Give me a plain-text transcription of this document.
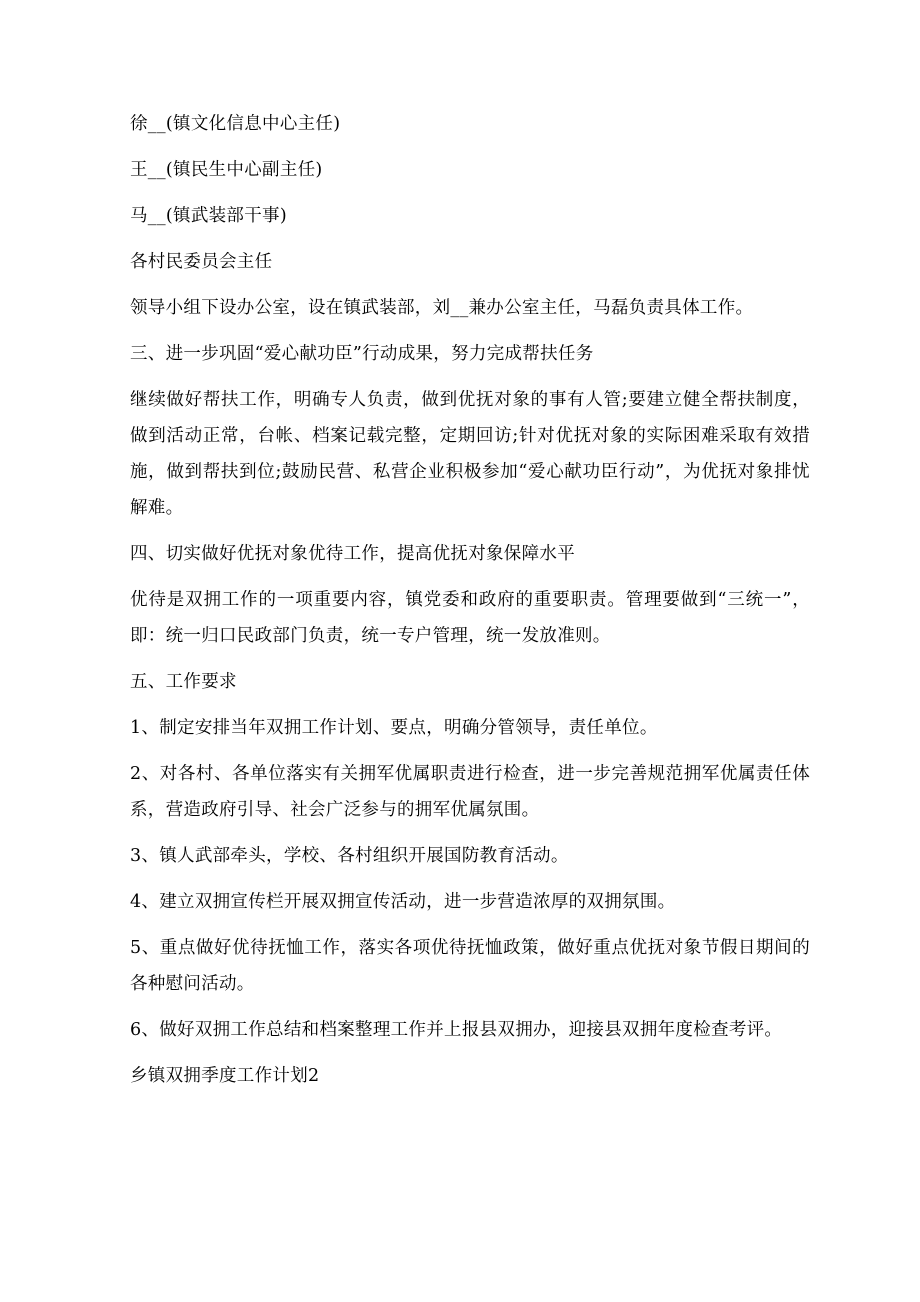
徐__(镇文化信息中心主任)

王__(镇民生中心副主任)

马__(镇武装部干事)

各村民委员会主任

领导小组下设办公室，设在镇武装部，刘__兼办公室主任，马磊负责具体工作。

三、进一步巩固“爱心献功臣”行动成果，努力完成帮扶任务

继续做好帮扶工作，明确专人负责，做到优抚对象的事有人管;要建立健全帮扶制度，做到活动正常，台帐、档案记载完整，定期回访;针对优抚对象的实际困难采取有效措施，做到帮扶到位;鼓励民营、私营企业积极参加“爱心献功臣行动”，为优抚对象排忧解难。

四、切实做好优抚对象优待工作，提高优抚对象保障水平

优待是双拥工作的一项重要内容，镇党委和政府的重要职责。管理要做到“三统一”，即：统一归口民政部门负责，统一专户管理，统一发放准则。

五、工作要求

1、制定安排当年双拥工作计划、要点，明确分管领导，责任单位。

2、对各村、各单位落实有关拥军优属职责进行检查，进一步完善规范拥军优属责任体系，营造政府引导、社会广泛参与的拥军优属氛围。

3、镇人武部牵头，学校、各村组织开展国防教育活动。

4、建立双拥宣传栏开展双拥宣传活动，进一步营造浓厚的双拥氛围。

5、重点做好优待抚恤工作，落实各项优待抚恤政策，做好重点优抚对象节假日期间的各种慰问活动。

6、做好双拥工作总结和档案整理工作并上报县双拥办，迎接县双拥年度检查考评。

乡镇双拥季度工作计划2
